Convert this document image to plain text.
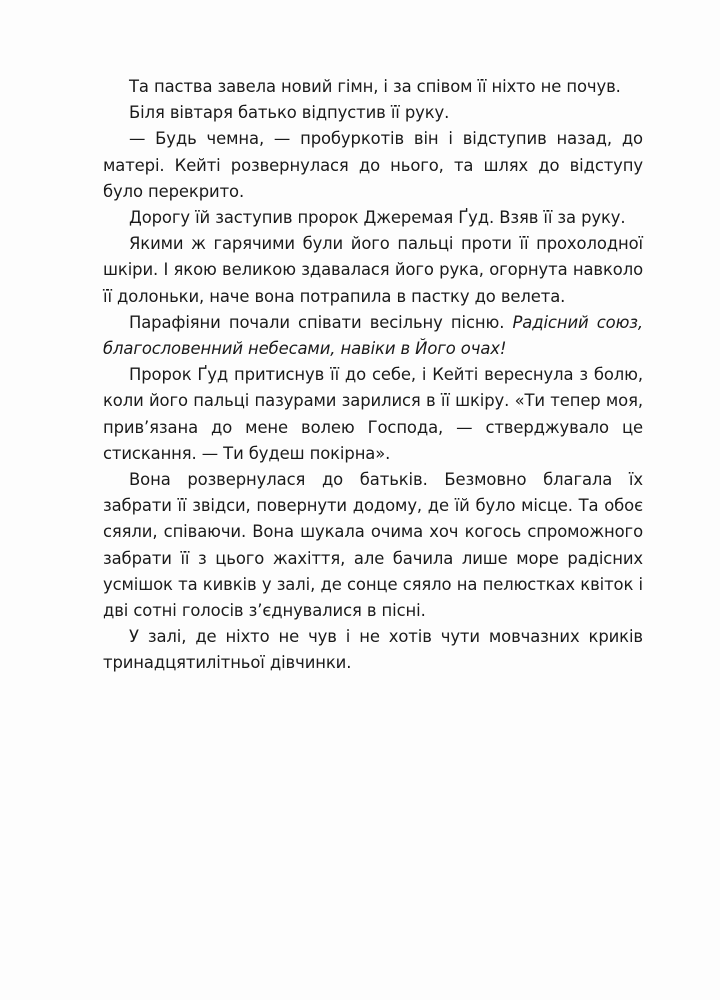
Та паства завела новий гімн, і за співом її ніхто не почув.

Біля вівтаря батько відпустив її руку.

— Будь чемна, — пробуркотів він і відступив назад, до матері. Кейті розвернулася до нього, та шлях до відступу було перекрито.

Дорогу їй заступив пророк Джеремая Ґуд. Взяв її за руку.

Якими ж гарячими були його пальці проти її прохолодної шкіри. І якою великою здавалася його рука, огорнута навколо її долоньки, наче вона потрапила в пастку до велета.

Парафіяни почали співати весільну пісню. Радісний союз, благословенний небесами, навіки в Його очах!

Пророк Ґуд притиснув її до себе, і Кейті вереснула з болю, коли його пальці пазурами зарилися в її шкіру. «Ти тепер моя, прив’язана до мене волею Господа, — стверджувало це стискання. — Ти будеш покірна».

Вона розвернулася до батьків. Безмовно благала їх забрати її звідси, повернути додому, де їй було місце. Та обоє сяяли, співаючи. Вона шукала очима хоч когось спроможного забрати її з цього жахіття, але бачила лише море радісних усмішок та кивків у залі, де сонце сяяло на пелюстках квіток і дві сотні голосів з’єднувалися в пісні.

У залі, де ніхто не чув і не хотів чути мовчазних криків тринадцятилітньої дівчинки.
